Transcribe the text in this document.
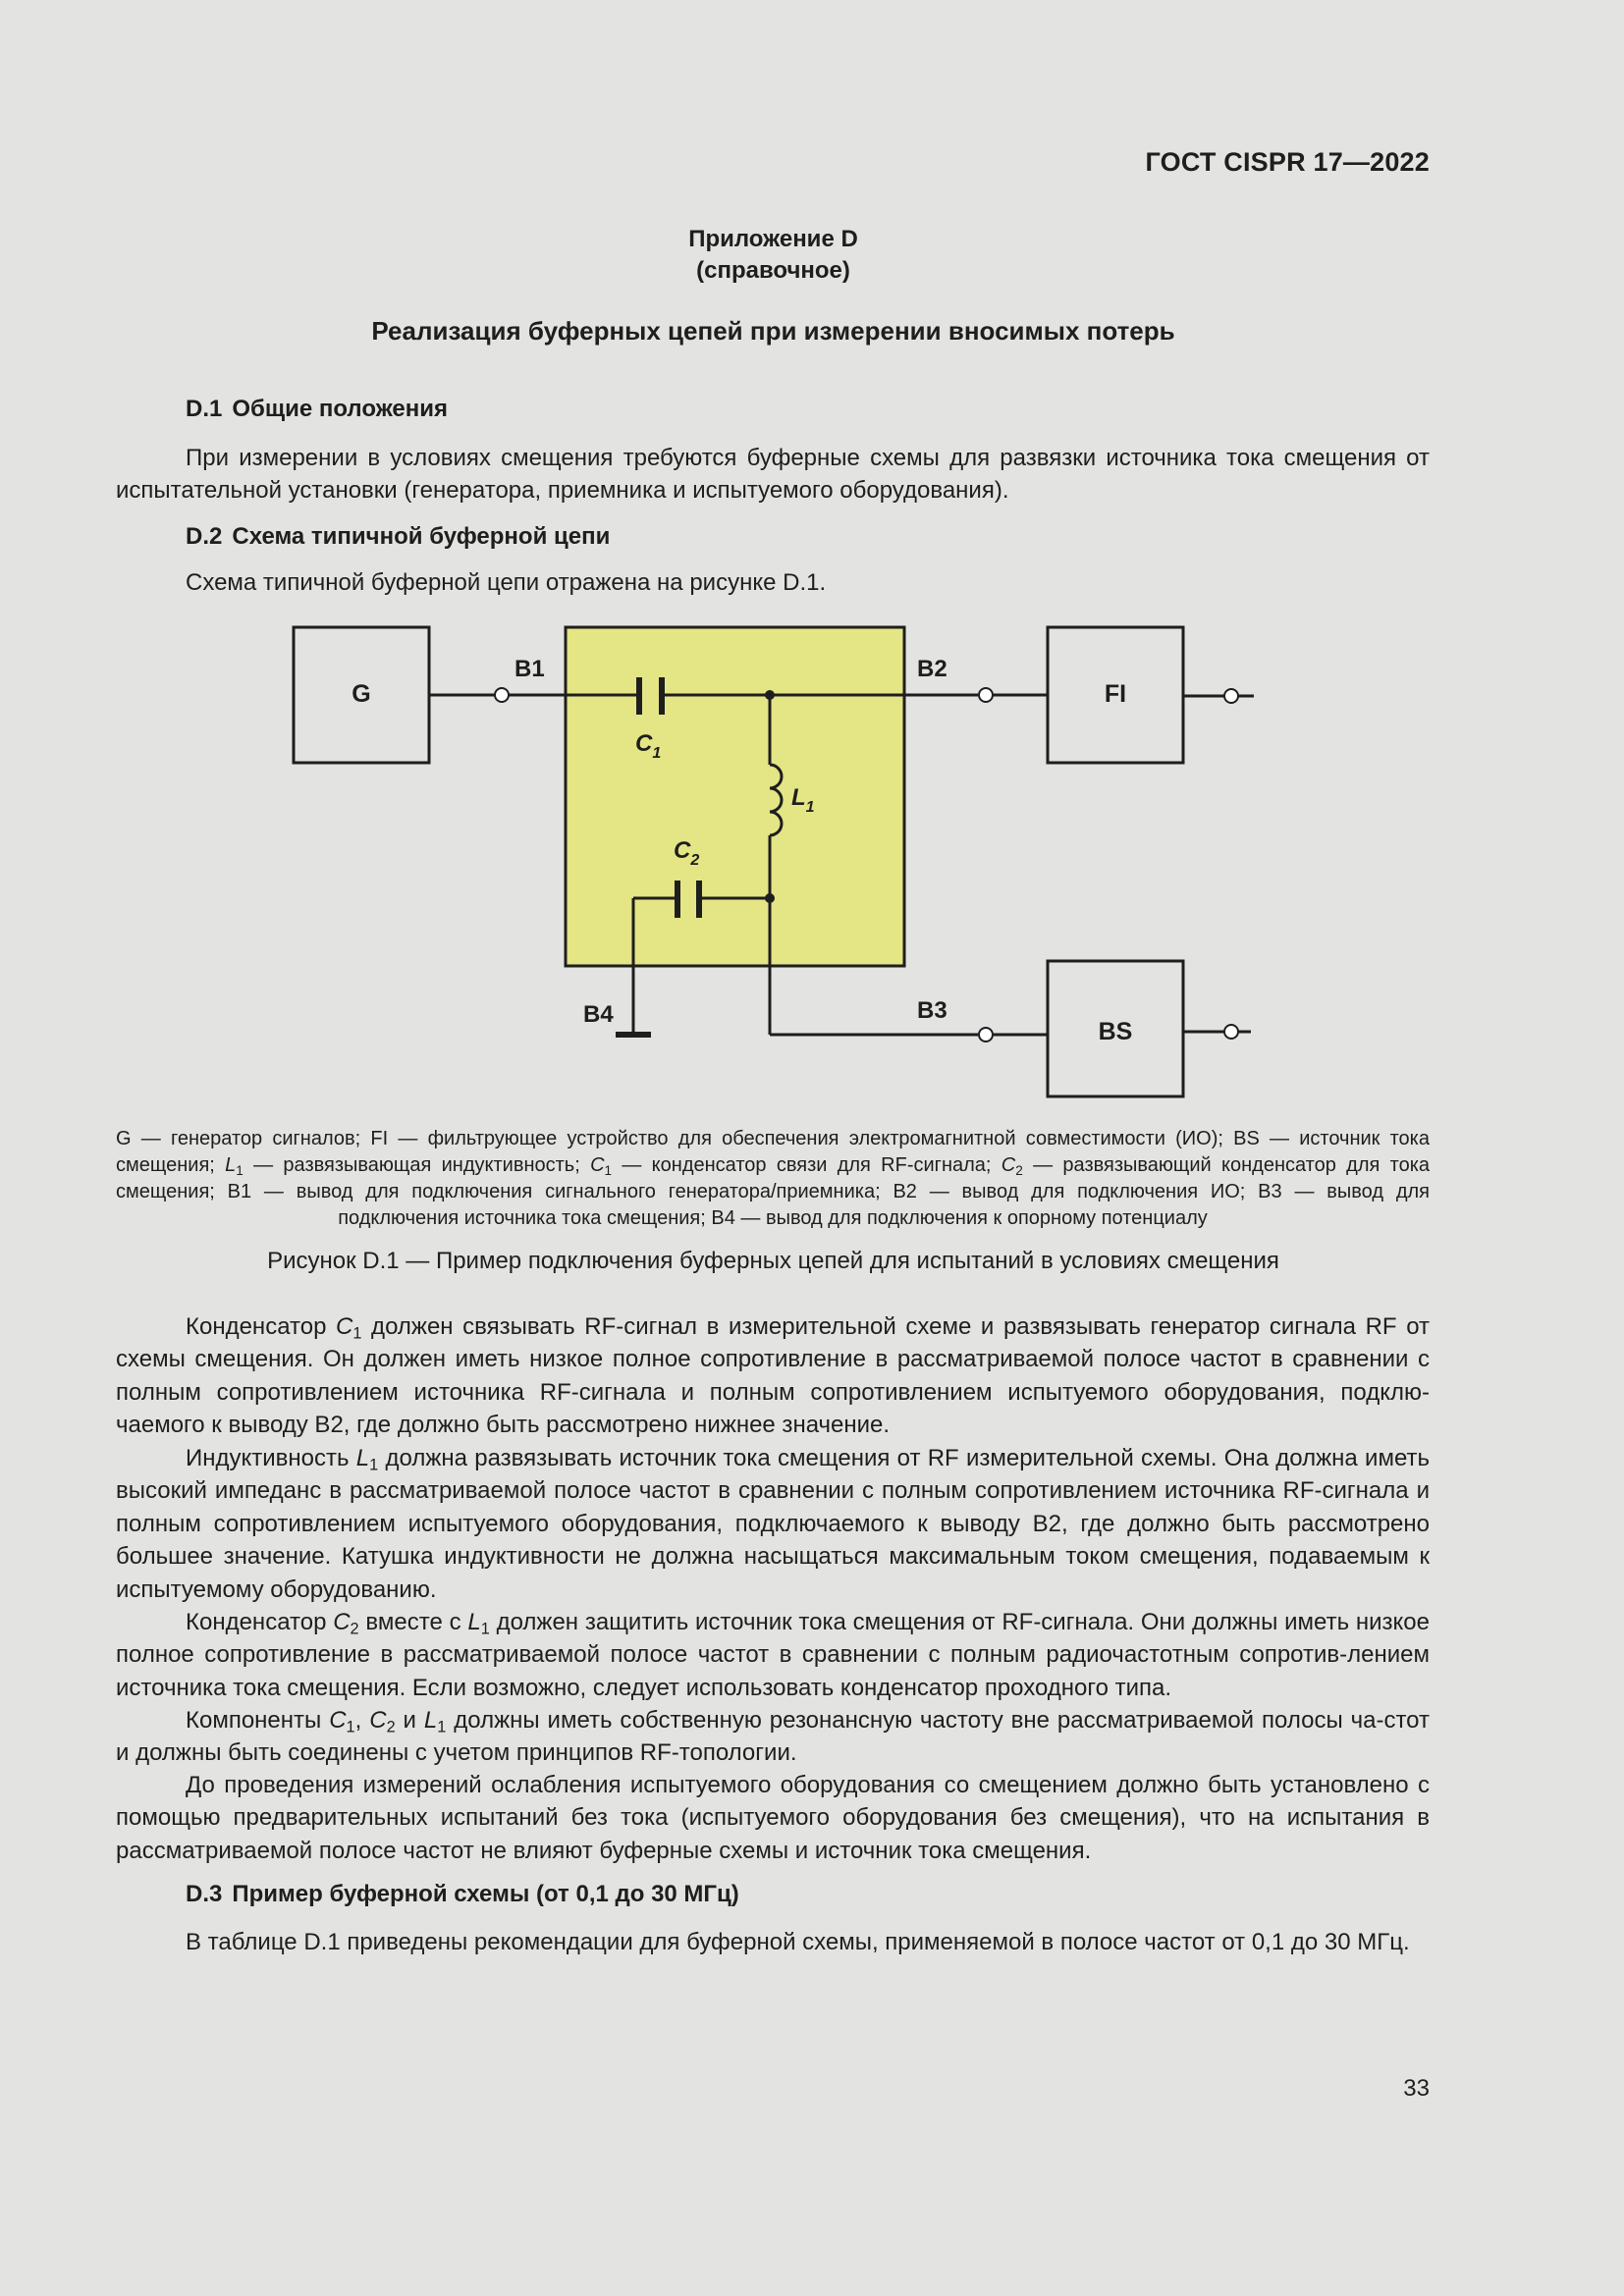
ГОСТ CISPR 17—2022
Приложение D
(справочное)
Реализация буферных цепей при измерении вносимых потерь
D.1 Общие положения

При измерении в условиях смещения требуются буферные схемы для развязки источника тока смещения от испытательной установки (генератора, приемника и испытуемого оборудования).

D.2 Схема типичной буферной цепи
Схема типичной буферной цепи отражена на рисунке D.1.
G	FI
BS
B1	B2
B3
B4
$C_1$
$L_1$
$C_2$

G — генератор сигналов; FI — фильтрующее устройство для обеспечения электромагнитной совместимости (ИО); BS — источник тока смещения; $L_1$ — развязывающая индуктивность; $C_1$ — конденсатор связи для RF-сигнала; $C_2$ — развязывающий конденсатор для тока смещения; B1 — вывод для подключения сигнального генератора/приемника; B2 — вывод для подключения ИО; B3 — вывод для подключения источника тока смещения; B4 — вывод для подключения к опорному потенциалу

Рисунок D.1 — Пример подключения буферных цепей для испытаний в условиях смещения

Конденсатор $C_1$ должен связывать RF-сигнал в измерительной схеме и развязывать генератор сигнала RF от схемы смещения. Он должен иметь низкое полное сопротивление в рассматриваемой полосе частот в сравнении с полным сопротивлением источника RF-сигнала и полным сопротивлением испытуемого оборудования, подклю-чаемого к выводу B2, где должно быть рассмотрено нижнее значение.

Индуктивность $L_1$ должна развязывать источник тока смещения от RF измерительной схемы. Она должна иметь высокий импеданс в рассматриваемой полосе частот в сравнении с полным сопротивлением источника RF-сигнала и полным сопротивлением испытуемого оборудования, подключаемого к выводу B2, где должно быть рассмотрено большее значение. Катушка индуктивности не должна насыщаться максимальным током смещения, подаваемым к испытуемому оборудованию.

Конденсатор $C_2$ вместе с $L_1$ должен защитить источник тока смещения от RF-сигнала. Они должны иметь низкое полное сопротивление в рассматриваемой полосе частот в сравнении с полным радиочастотным сопротив-лением источника тока смещения. Если возможно, следует использовать конденсатор проходного типа.

Компоненты $C_1$, $C_2$ и $L_1$ должны иметь собственную резонансную частоту вне рассматриваемой полосы ча-стот и должны быть соединены с учетом принципов RF-топологии.

До проведения измерений ослабления испытуемого оборудования со смещением должно быть установлено с помощью предварительных испытаний без тока (испытуемого оборудования без смещения), что на испытания в рассматриваемой полосе частот не влияют буферные схемы и источник тока смещения.

D.3 Пример буферной схемы (от 0,1 до 30 МГц)

В таблице D.1 приведены рекомендации для буферной схемы, применяемой в полосе частот от 0,1 до 30 МГц.

33
